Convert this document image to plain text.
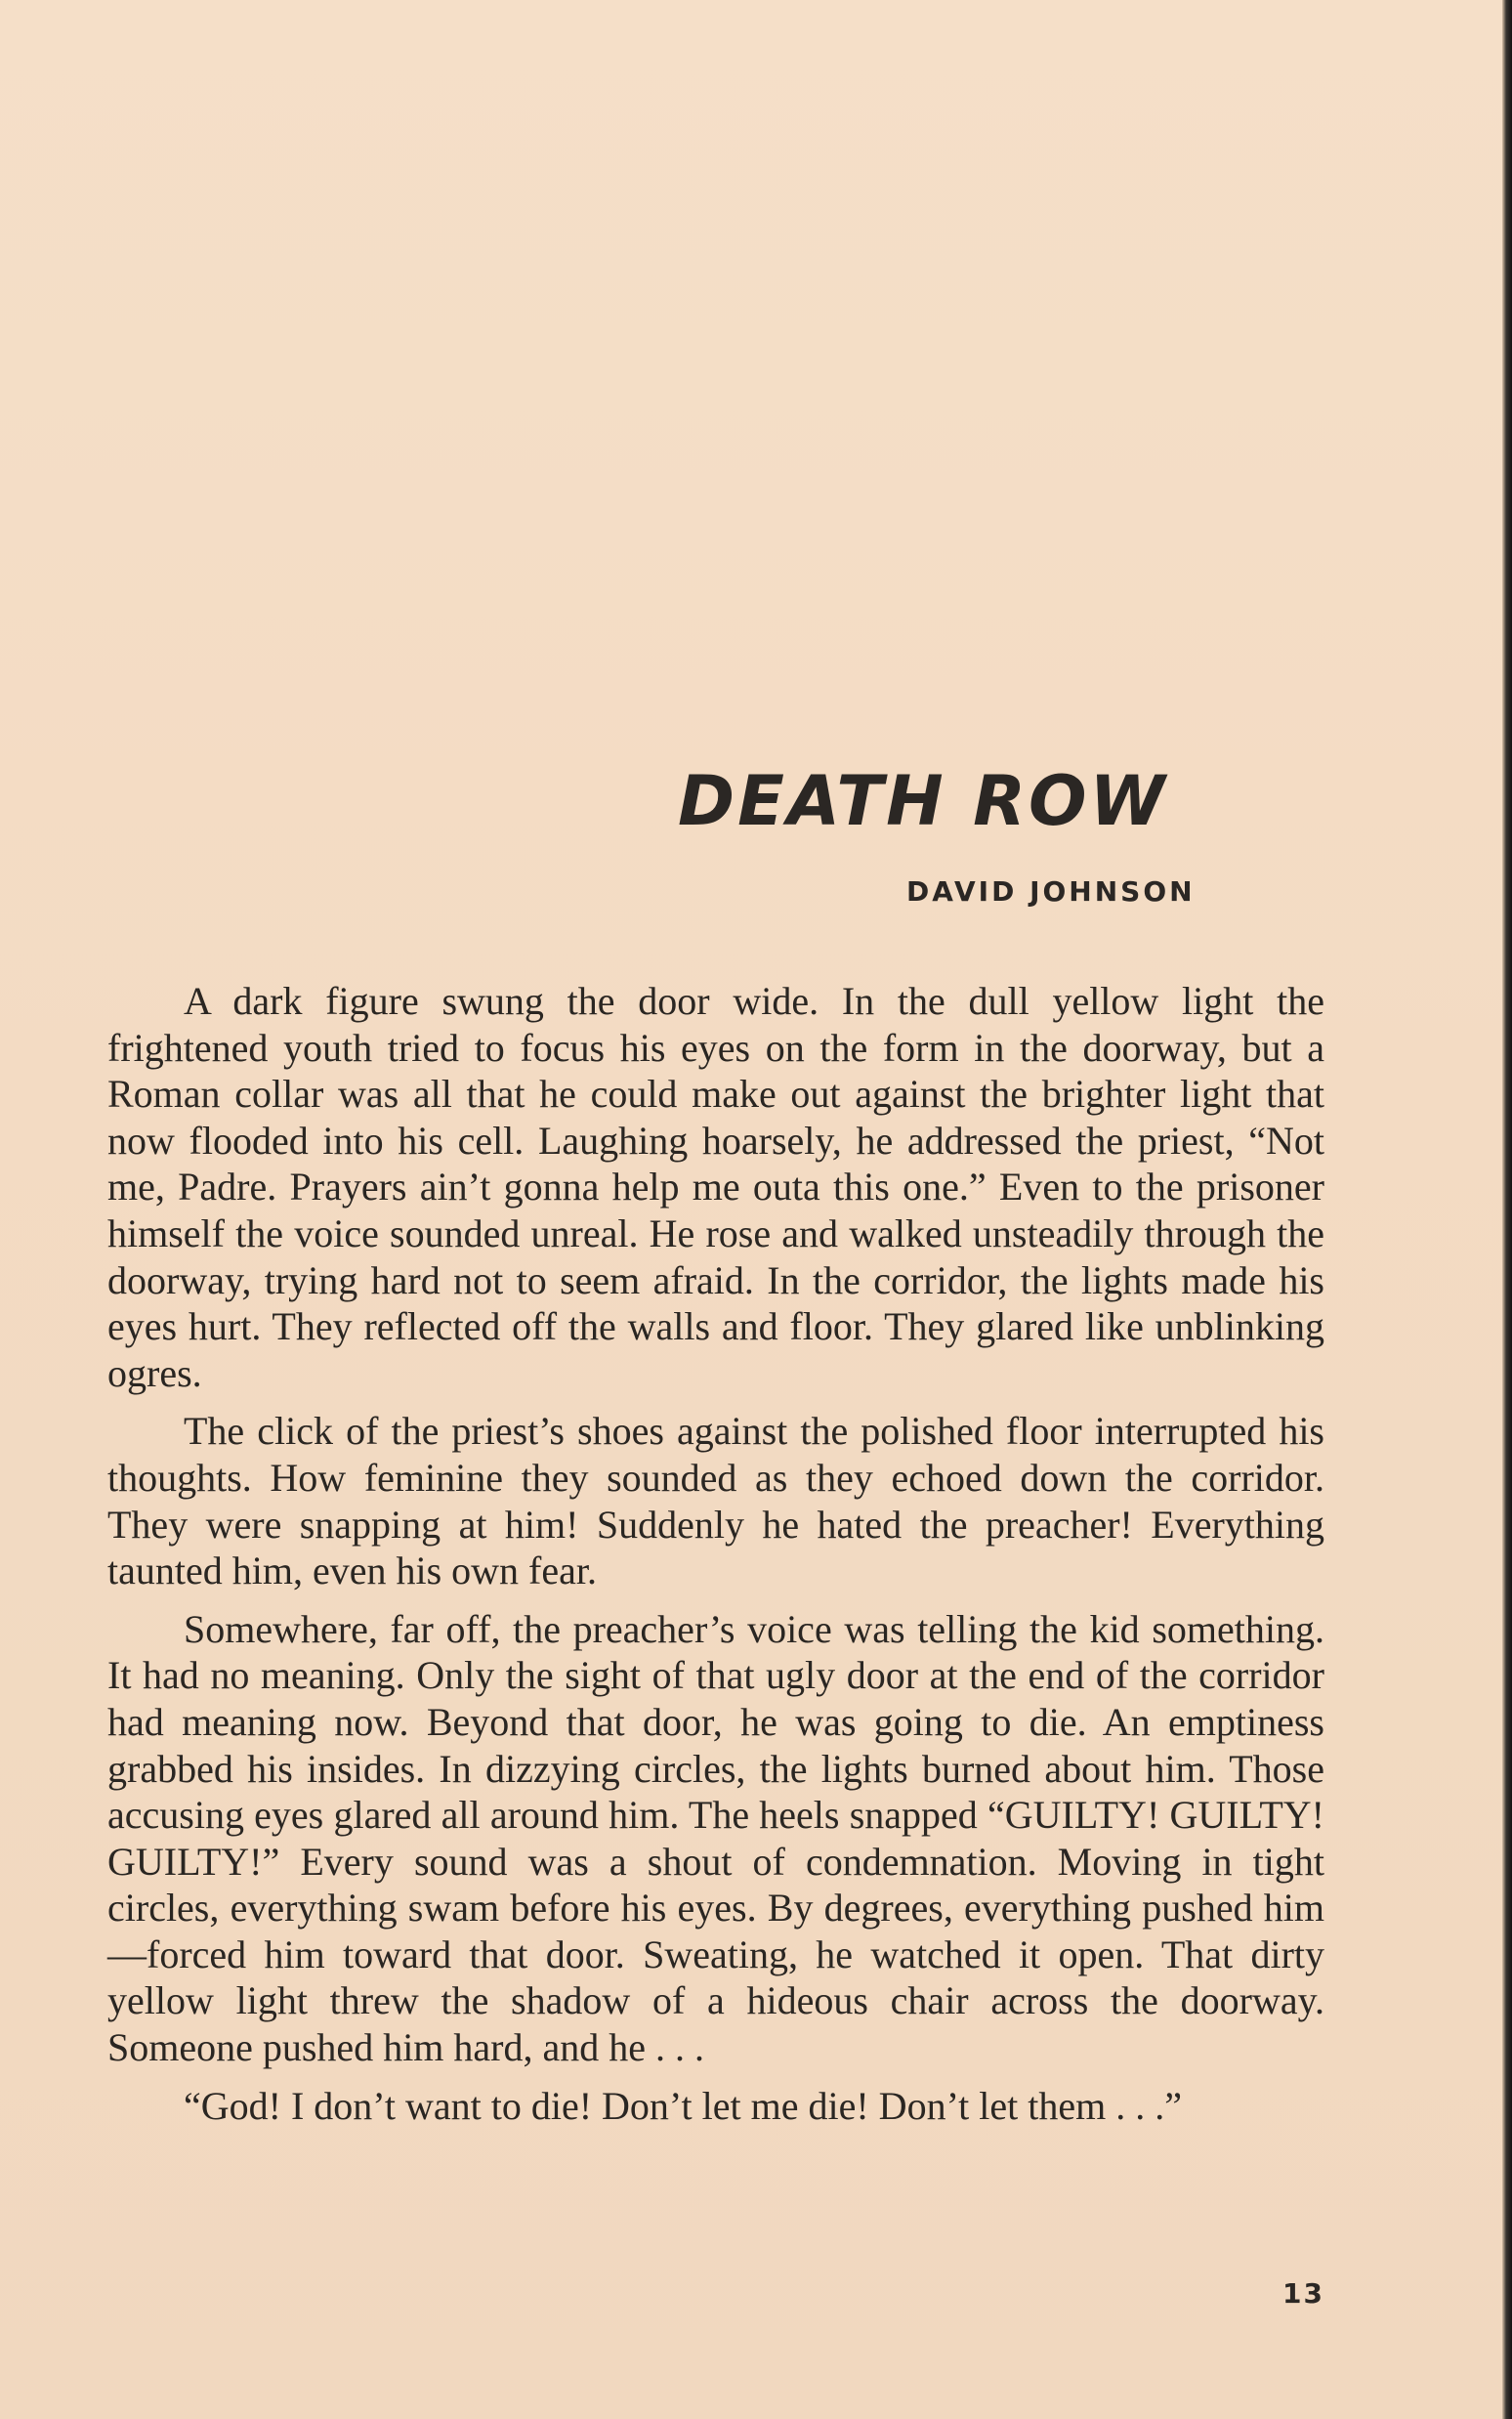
DEATH ROW

DAVID JOHNSON

A dark figure swung the door wide. In the dull yellow light the frightened youth tried to focus his eyes on the form in the doorway, but a Roman collar was all that he could make out against the brighter light that now flooded into his cell. Laughing hoarsely, he addressed the priest, “Not me, Padre. Prayers ain’t gonna help me outa this one.” Even to the prisoner himself the voice sounded unreal. He rose and walked unsteadily through the doorway, trying hard not to seem afraid. In the corridor, the lights made his eyes hurt. They reflected off the walls and floor. They glared like unblinking ogres.

The click of the priest’s shoes against the polished floor interrupted his thoughts. How feminine they sounded as they echoed down the corridor. They were snapping at him! Suddenly he hated the preacher! Everything taunted him, even his own fear.

Somewhere, far off, the preacher’s voice was telling the kid something. It had no meaning. Only the sight of that ugly door at the end of the corridor had meaning now. Beyond that door, he was going to die. An emptiness grabbed his insides. In dizzying circles, the lights burned about him. Those accusing eyes glared all around him. The heels snapped “GUILTY! GUILTY! GUILTY!” Every sound was a shout of condemnation. Moving in tight circles, everything swam before his eyes. By degrees, everything pushed him—forced him toward that door. Sweating, he watched it open. That dirty yellow light threw the shadow of a hideous chair across the doorway. Someone pushed him hard, and he . . .

“God! I don’t want to die! Don’t let me die! Don’t let them . . .”

13
